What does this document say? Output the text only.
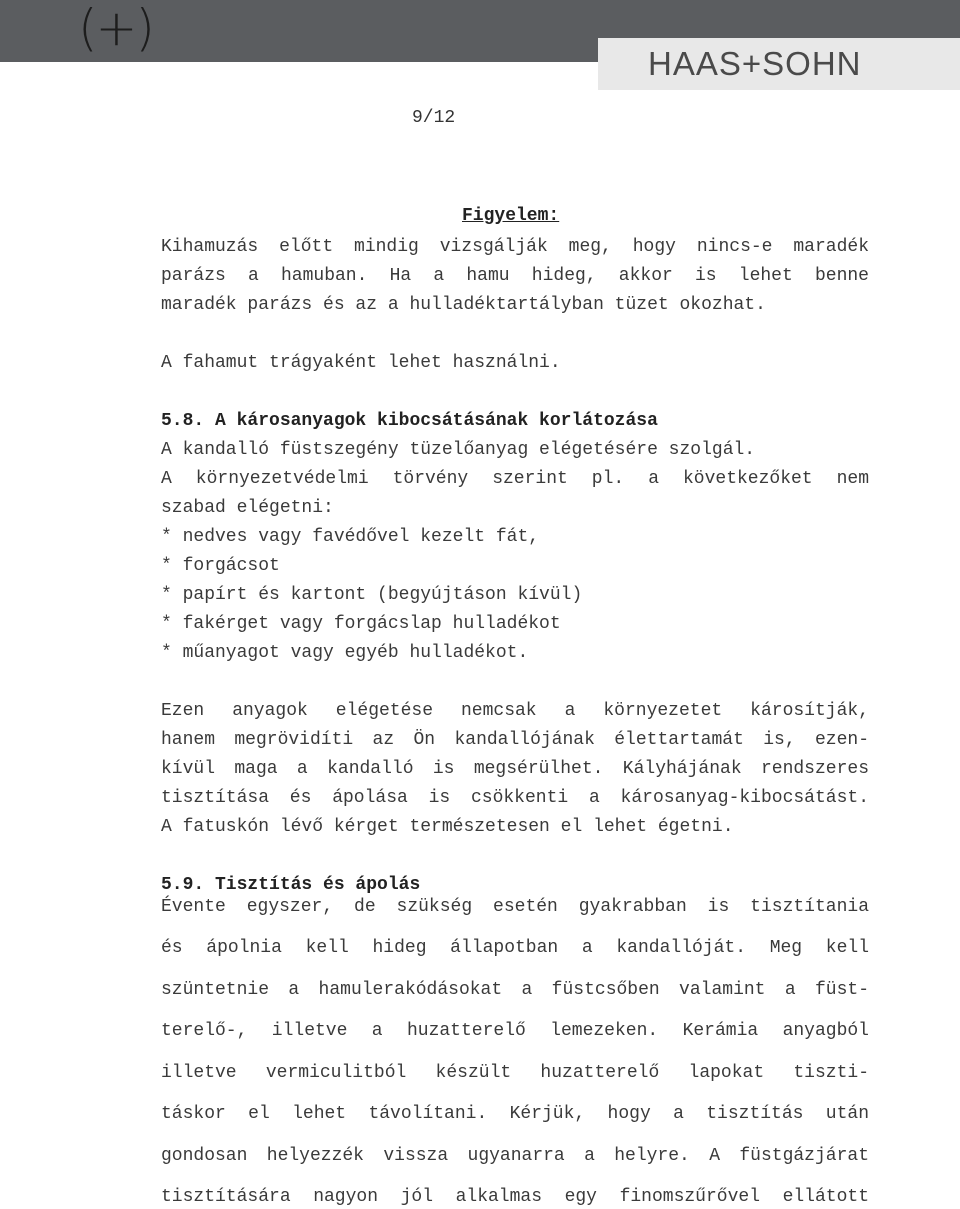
(+)
HAAS+SOHN
9/12
Figyelem:
Kihamuzás előtt mindig vizsgálják meg, hogy nincs-e maradék
parázs a hamuban. Ha a hamu hideg, akkor is lehet benne
maradék parázs és az a hulladéktartályban tüzet okozhat.
A fahamut trágyaként lehet használni.
5.8. A károsanyagok kibocsátásának korlátozása
A kandalló füstszegény tüzelőanyag elégetésére szolgál.
A környezetvédelmi törvény szerint pl. a következőket nem
szabad elégetni:
* nedves vagy favédővel kezelt fát,
* forgácsot
* papírt és kartont (begyújtáson kívül)
* fakérget vagy forgácslap hulladékot
* műanyagot vagy egyéb hulladékot.
Ezen anyagok elégetése nemcsak a környezetet károsítják,
hanem megrövidíti az Ön kandallójának élettartamát is, ezen-
kívül maga a kandalló is megsérülhet. Kályhájának rendszeres
tisztítása és ápolása is csökkenti a károsanyag-kibocsátást.
A fatuskón lévő kérget természetesen el lehet égetni.
5.9. Tisztítás és ápolás
Évente egyszer, de szükség esetén gyakrabban is tisztítania
és ápolnia kell hideg állapotban a kandallóját. Meg kell
szüntetnie a hamulerakódásokat a füstcsőben valamint a füst-
terelő-, illetve a huzatterelő lemezeken. Kerámia anyagból
illetve vermiculitból készült huzatterelő lapokat tiszti-
táskor el lehet távolítani. Kérjük, hogy a tisztítás után
gondosan helyezzék vissza ugyanarra a helyre. A füstgázjárat
tisztítására nagyon jól alkalmas egy finomszűrővel ellátott
